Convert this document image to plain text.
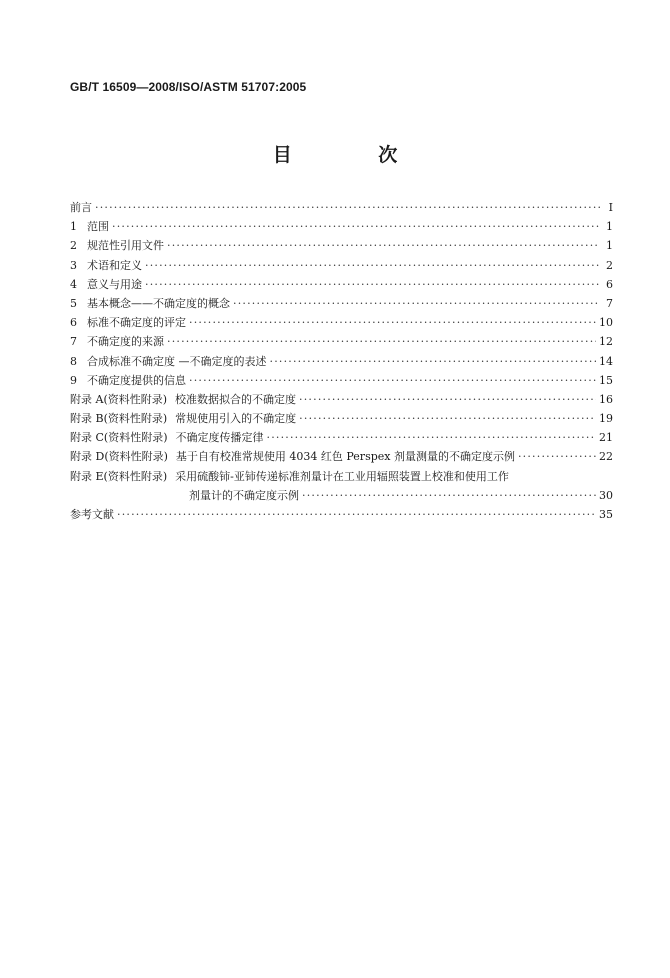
GB/T 16509—2008/ISO/ASTM 51707:2005
目 次
前言 ·····	I
1 范围 ·····	1
2 规范性引用文件 ·····	1
3 术语和定义 ·····	2
4 意义与用途 ·····	6
5 基本概念——不确定度的概念 ·····	7
6 标准不确定度的评定 ·····	10
7 不确定度的来源 ·····	12
8 合成标准不确定度 —不确定度的表述 ·····	14
9 不确定度提供的信息 ·····	15
附录 A(资料性附录) 校准数据拟合的不确定度 ·····	16
附录 B(资料性附录) 常规使用引入的不确定度 ·····	19
附录 C(资料性附录) 不确定度传播定律 ·····	21
附录 D(资料性附录) 基于自有校准常规使用 4034 红色 Perspex 剂量测量的不确定度示例 ·····	22
附录 E(资料性附录) 采用硫酸铈-亚铈传递标准剂量计在工业用辐照装置上校准和使用工作
剂量计的不确定度示例 ·····	30
参考文献 ·····	35
